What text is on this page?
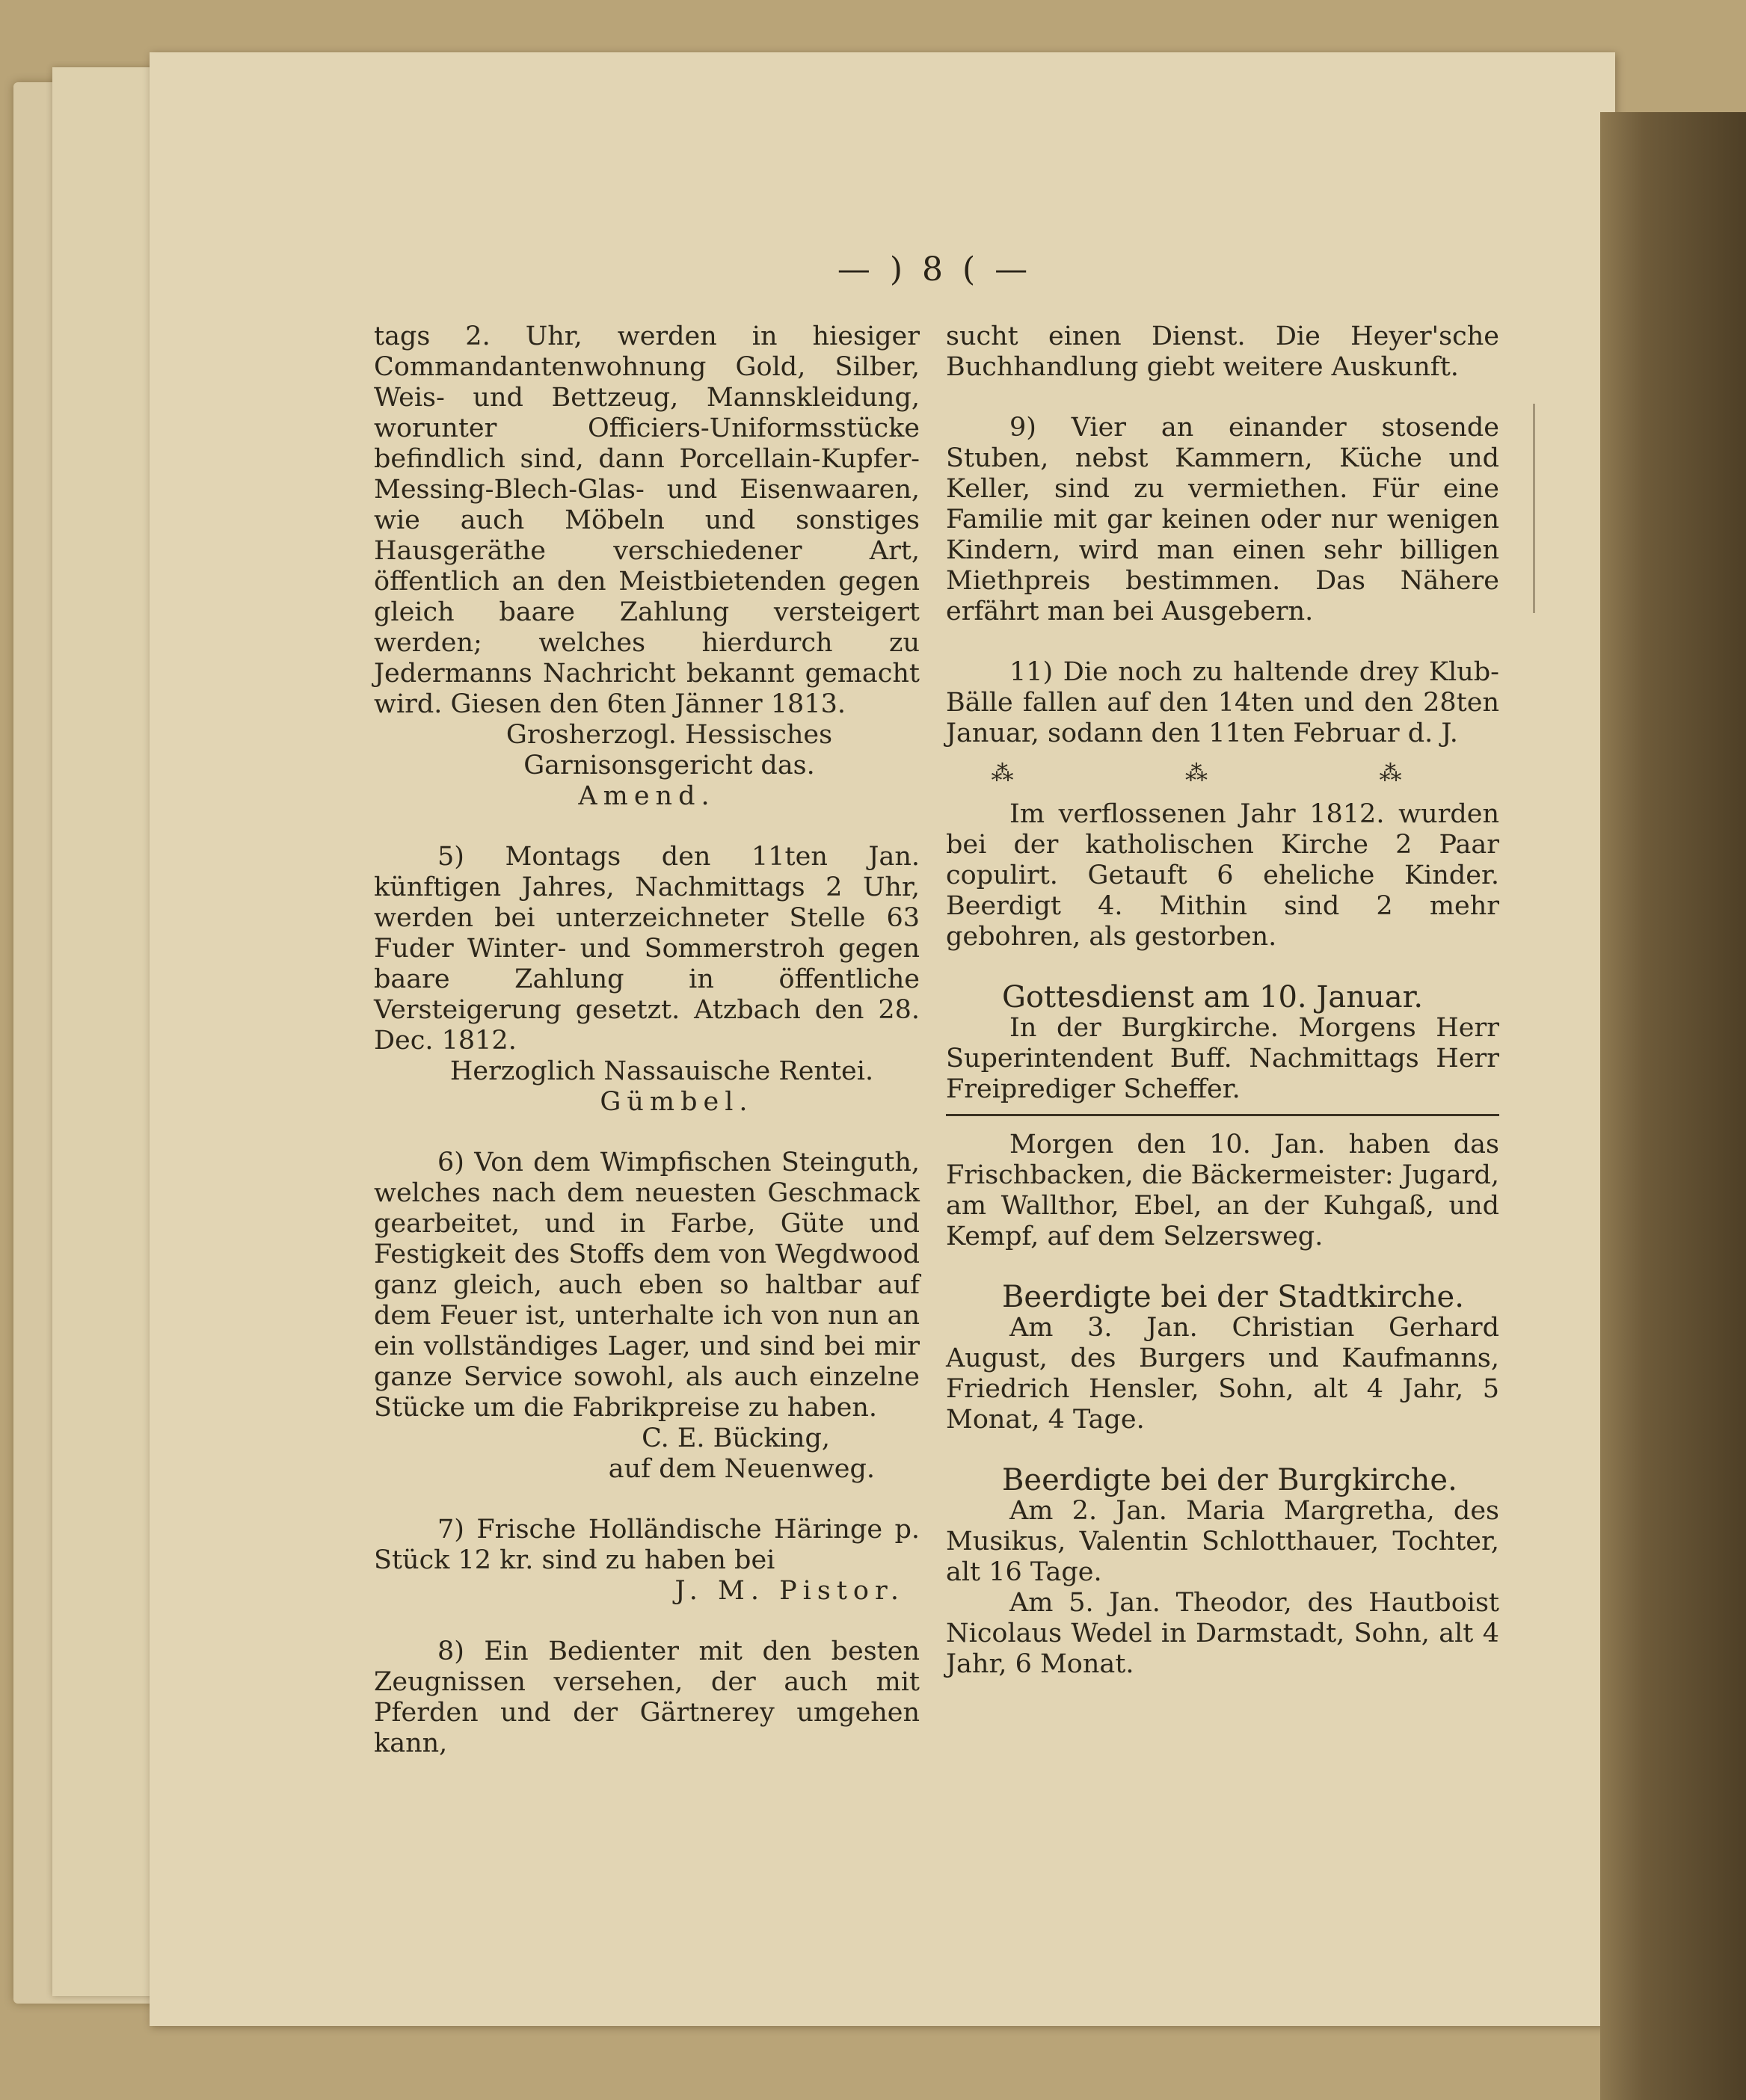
— ) 8 ( —

tags 2. Uhr, werden in hiesiger Commandantenwohnung Gold, Silber, Weis- und Bettzeug, Mannskleidung, worunter Officiers-Uniformsstücke befindlich sind, dann Porcellain-Kupfer-Messing-Blech-Glas- und Eisenwaaren, wie auch Möbeln und sonstiges Hausgeräthe verschiedener Art, öffentlich an den Meistbietenden gegen gleich baare Zahlung versteigert werden; welches hierdurch zu Jedermanns Nachricht bekannt gemacht wird. Giesen den 6ten Jänner 1813.

Grosherzogl. Hessisches Garnisonsgericht das.

Amend.

5) Montags den 11ten Jan. künftigen Jahres, Nachmittags 2 Uhr, werden bei unterzeichneter Stelle 63 Fuder Winter- und Sommerstroh gegen baare Zahlung in öffentliche Versteigerung gesetzt. Atzbach den 28. Dec. 1812.

Herzoglich Nassauische Rentei.

Gümbel.

6) Von dem Wimpfischen Steinguth, welches nach dem neuesten Geschmack gearbeitet, und in Farbe, Güte und Festigkeit des Stoffs dem von Wegdwood ganz gleich, auch eben so haltbar auf dem Feuer ist, unterhalte ich von nun an ein vollständiges Lager, und sind bei mir ganze Service sowohl, als auch einzelne Stücke um die Fabrikpreise zu haben.

C. E. Bücking,

auf dem Neuenweg.

7) Frische Holländische Häringe p. Stück 12 kr. sind zu haben bei

J. M. Pistor.

8) Ein Bedienter mit den besten Zeugnissen versehen, der auch mit Pferden und der Gärtnerey umgehen kann,

sucht einen Dienst. Die Heyer'sche Buchhandlung giebt weitere Auskunft.

9) Vier an einander stosende Stuben, nebst Kammern, Küche und Keller, sind zu vermiethen. Für eine Familie mit gar keinen oder nur wenigen Kindern, wird man einen sehr billigen Miethpreis bestimmen. Das Nähere erfährt man bei Ausgebern.

11) Die noch zu haltende drey Klub-Bälle fallen auf den 14ten und den 28ten Januar, sodann den 11ten Februar d. J.

⁂ ⁂ ⁂

Im verflossenen Jahr 1812. wurden bei der katholischen Kirche 2 Paar copulirt. Getauft 6 eheliche Kinder. Beerdigt 4. Mithin sind 2 mehr gebohren, als gestorben.

Gottesdienst am 10. Januar.

In der Burgkirche. Morgens Herr Superintendent Buff. Nachmittags Herr Freiprediger Scheffer.

Morgen den 10. Jan. haben das Frischbacken, die Bäckermeister: Jugard, am Wallthor, Ebel, an der Kuhgaß, und Kempf, auf dem Selzersweg.

Beerdigte bei der Stadtkirche.

Am 3. Jan. Christian Gerhard August, des Burgers und Kaufmanns, Friedrich Hensler, Sohn, alt 4 Jahr, 5 Monat, 4 Tage.

Beerdigte bei der Burgkirche.

Am 2. Jan. Maria Margretha, des Musikus, Valentin Schlotthauer, Tochter, alt 16 Tage.

Am 5. Jan. Theodor, des Hautboist Nicolaus Wedel in Darmstadt, Sohn, alt 4 Jahr, 6 Monat.
